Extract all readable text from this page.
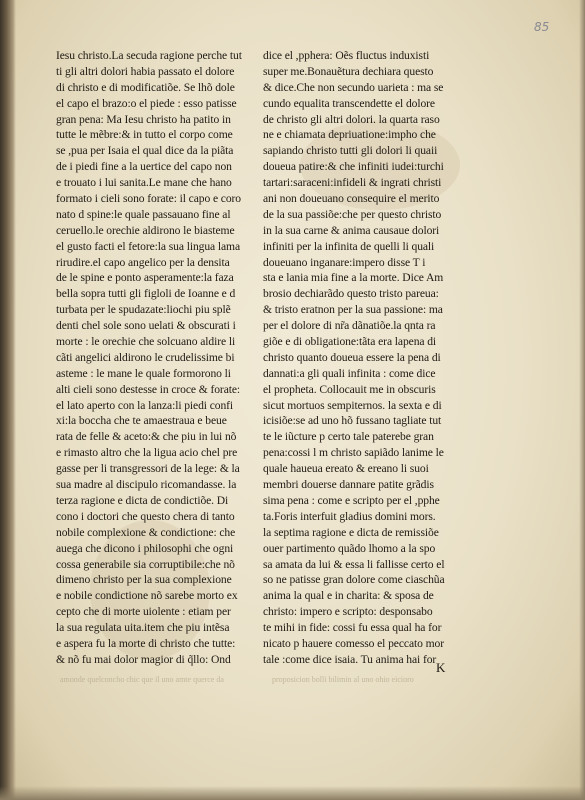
85
Iesu christo.La secuda ragione perche tut
ti gli altri dolori habia passato el dolore
di christo e di modificatiõe. Se lhõ dole
el capo el brazo:o el piede : esso patisse
gran pena: Ma Iesu christo ha patito in
tutte le mẽbre:& in tutto el corpo come
se ,pua per Isaia el qual dice da la piãta
de i piedi fine a la uertice del capo non
e trouato i lui sanita.Le mane che hano
formato i cieli sono forate: il capo e coro
nato d spine:le quale passauano fine al
ceruello.le orechie aldirono le biasteme
el gusto facti el fetore:la sua lingua lama
rirudire.el capo angelico per la densita
de le spine e ponto asperamente:la faza
bella sopra tutti gli figloli de Ioanne e d
turbata per le spudazate:liochi piu splẽ
denti chel sole sono uelati & obscurati i
morte : le orechie che solcuano aldire li
cãti angelici aldirono le crudelissime bi
asteme : le mane le quale formorono li
alti cieli sono destesse in croce & forate:
el lato aperto con la lanza:li piedi confi
xi:la boccha che te amaestraua e beue
rata de felle & aceto:& che piu in lui nõ
e rimasto altro che la ligua acio chel pre
gasse per li transgressori de la lege: & la
sua madre al discipulo ricomandasse. la
terza ragione e dicta de condictiõe. Di
cono i doctori che questo chera di tanto
nobile complexione & condictione: che
auega che dicono i philosophi che ogni
cossa generabile sia corruptibile:che nõ
dimeno christo per la sua complexione
e nobile condictione nõ sarebe morto ex
cepto che di morte uiolente : etiam per
la sua regulata uita.item che piu intẽsa
e aspera fu la morte di christo che tutte:
& nõ fu mai dolor magior di q̃llo: Ond
dice el ,pphera: Oẽs fluctus induxisti
super me.Bonauẽtura dechiara questo
& dice.Che non secundo uarieta : ma se
cundo equalita transcendette el dolore
de christo gli altri dolori. la quarta raso
ne e chiamata depriuatione:impho che
sapiando christo tutti gli dolori li quaii
doueua patire:& che infiniti iudei:turchi
tartari:saraceni:infideli & ingrati christi
ani non doueuano consequire el merito
de la sua passiõe:che per questo christo
in la sua carne & anima causaue dolori
infiniti per la infinita de quelli li quali
doueuano inganare:impero disse T i
sta e lania mia fine a la morte. Dice Am
brosio dechiarãdo questo tristo pareua:
& tristo eratnon per la sua passione: ma
per el dolore di nr̃a dãnatiõe.la qnta ra
giõe e di obligatione:tãta era lapena di
christo quanto doueua essere la pena di
dannati:a gli quali infinita : come dice
el propheta. Collocauit me in obscuris
sicut mortuos sempiternos. la sexta e di
icisiõe:se ad uno hõ fussano tagliate tut
te le iũcture p certo tale paterebe gran
pena:cossi l m christo sapiãdo lanime le
quale haueua ereato & ereano li suoi
membri douerse dannare patite grãdis
sima pena : come e scripto per el ,pphe
ta.Foris interfuit gladius domini mors.
la septima ragione e dicta de remissiõe
ouer partimento quãdo lhomo a la spo
sa amata da lui & essa li fallisse certo el
so ne patisse gran dolore come ciaschũa
anima la qual e in charita: & sposa de
christo: impero e scripto: desponsabo
te mihi in fide: cossi fu essa qual ha for
nicato p hauere comesso el peccato mor
tale :come dice isaia. Tu anima hai for
amonde quelconcho chic que il uno amte querce da	proposicion bolli bilimin al uno ohio eicioro
K
